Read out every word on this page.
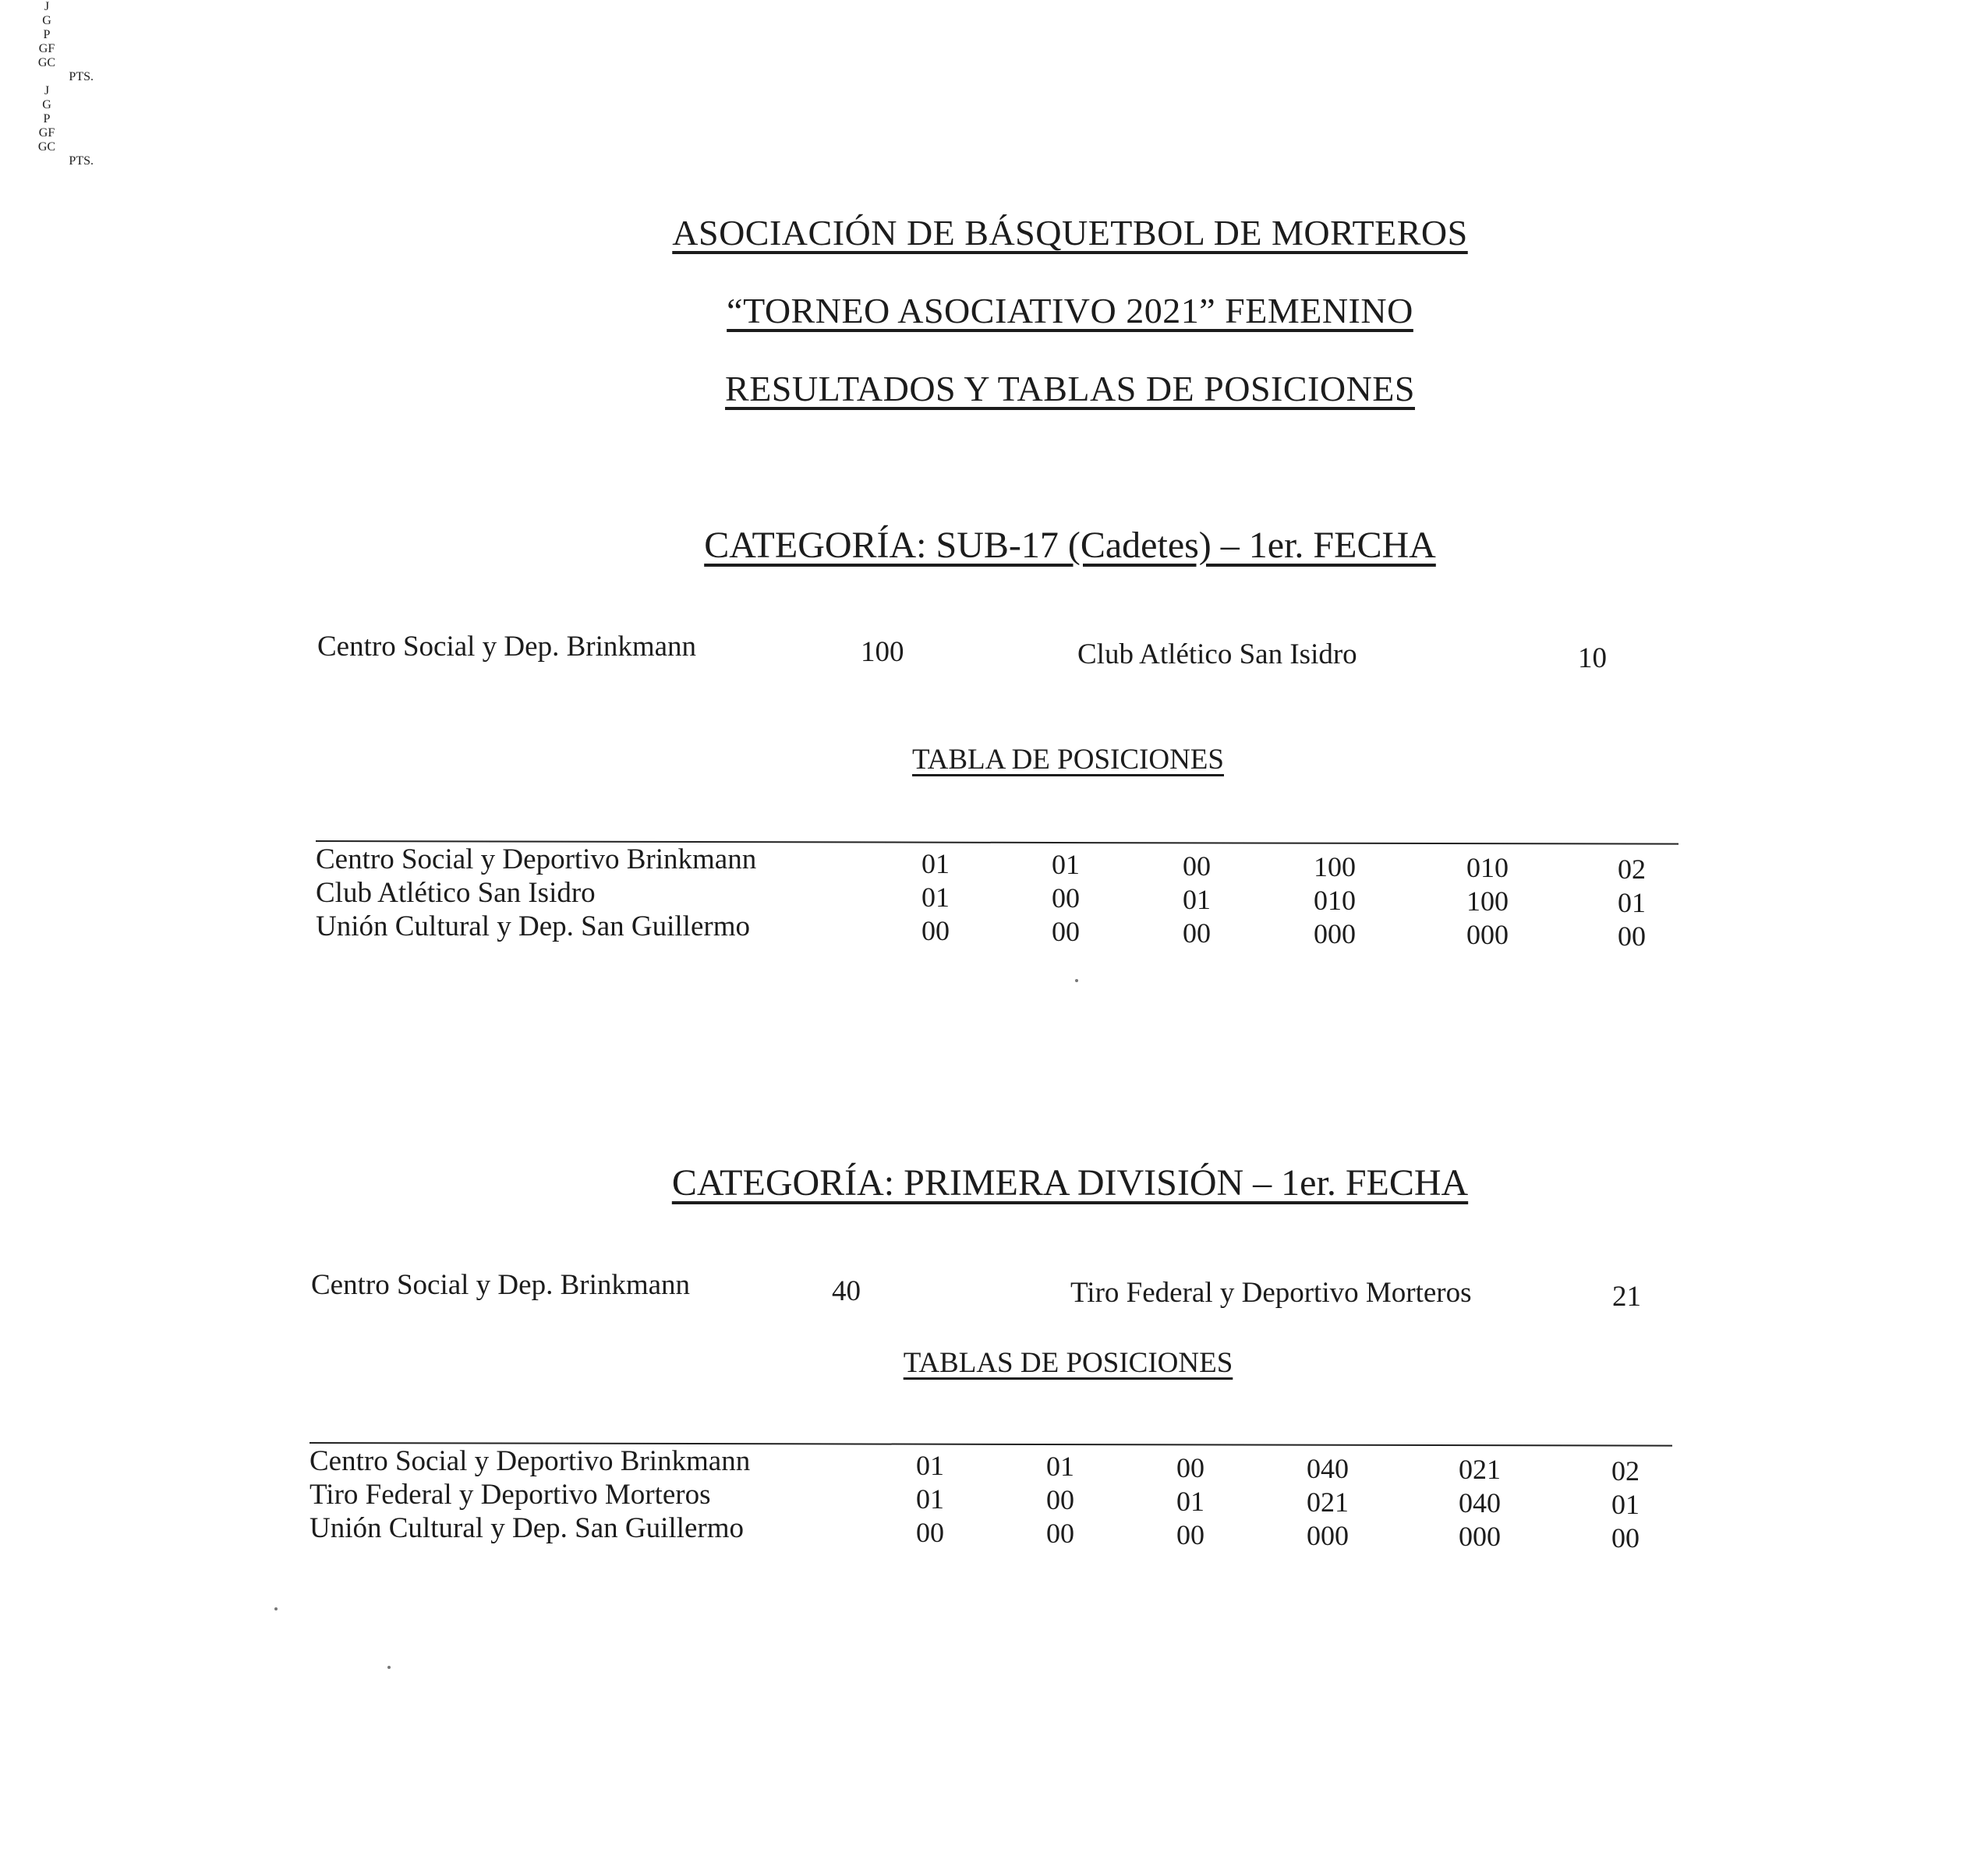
ASOCIACIÓN DE BÁSQUETBOL DE MORTEROS
“TORNEO ASOCIATIVO 2021” FEMENINO
RESULTADOS Y TABLAS DE POSICIONES
CATEGORÍA: SUB-17 (Cadetes) – 1er. FECHA
Centro Social y Dep. Brinkmann	100	Club Atlético San Isidro	10
TABLA DE POSICIONES
CATEGORÍA: PRIMERA DIVISIÓN – 1er. FECHA
Centro Social y Dep. Brinkmann	40	Tiro Federal y Deportivo Morteros	21
TABLAS DE POSICIONES
J
G
P
GF
GC
PTS.
Centro Social y Deportivo Brinkmann	01	01	00	100	010	02
Club Atlético San Isidro	01	00	01	010	100	01
Unión Cultural y Dep. San Guillermo	00	00	00	000	000	00
J
G
P
GF
GC
PTS.
Centro Social y Deportivo Brinkmann	01	01	00	040	021	02
Tiro Federal y Deportivo Morteros	01	00	01	021	040	01
Unión Cultural y Dep. San Guillermo	00	00	00	000	000	00
